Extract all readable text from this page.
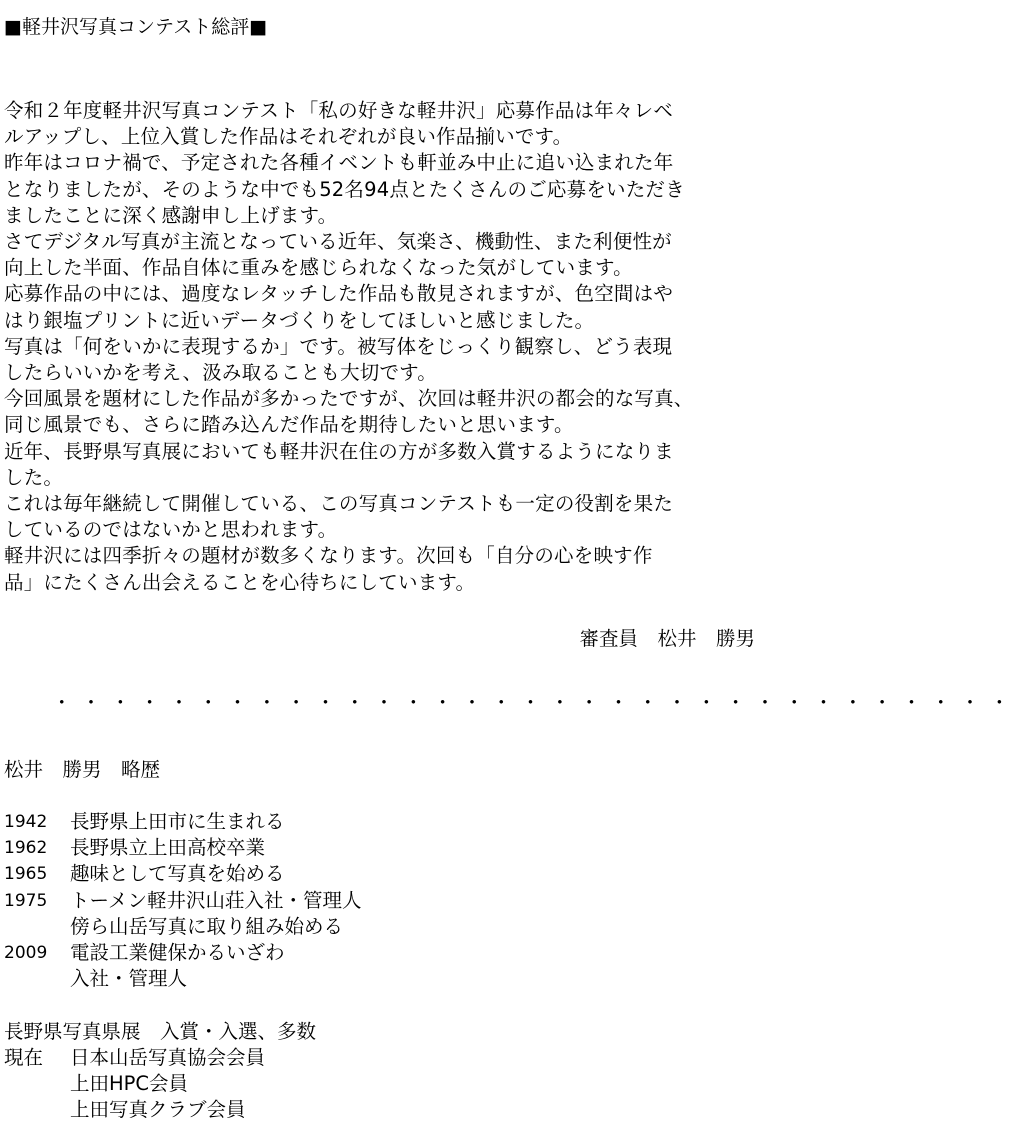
■軽井沢写真コンテスト総評■
令和２年度軽井沢写真コンテスト「私の好きな軽井沢」応募作品は年々レベ
ルアップし、上位入賞した作品はそれぞれが良い作品揃いです。
昨年はコロナ禍で、予定された各種イベントも軒並み中止に追い込まれた年
となりましたが、そのような中でも52名94点とたくさんのご応募をいただき
ましたことに深く感謝申し上げます。
さてデジタル写真が主流となっている近年、気楽さ、機動性、また利便性が
向上した半面、作品自体に重みを感じられなくなった気がしています。
応募作品の中には、過度なレタッチした作品も散見されますが、色空間はや
はり銀塩プリントに近いデータづくりをしてほしいと感じました。
写真は「何をいかに表現するか」です。被写体をじっくり観察し、どう表現
したらいいかを考え、汲み取ることも大切です。
今回風景を題材にした作品が多かったですが、次回は軽井沢の都会的な写真、
同じ風景でも、さらに踏み込んだ作品を期待したいと思います。
近年、長野県写真展においても軽井沢在住の方が多数入賞するようになりま
した。
これは毎年継続して開催している、この写真コンテストも一定の役割を果た
しているのではないかと思われます。
軽井沢には四季折々の題材が数多くなります。次回も「自分の心を映す作
品」にたくさん出会えることを心待ちにしています。
審査員　松井　勝男
・・・・・・・・・・・・・・・・・・・・・・・・・・・・・・・・・
松井　勝男　略歴
1942	長野県上田市に生まれる
1962	長野県立上田高校卒業
1965	趣味として写真を始める
1975	トーメン軽井沢山荘入社・管理人
傍ら山岳写真に取り組み始める
2009	電設工業健保かるいざわ
入社・管理人
長野県写真県展　入賞・入選、多数
現在	日本山岳写真協会会員
上田HPC会員
上田写真クラブ会員
